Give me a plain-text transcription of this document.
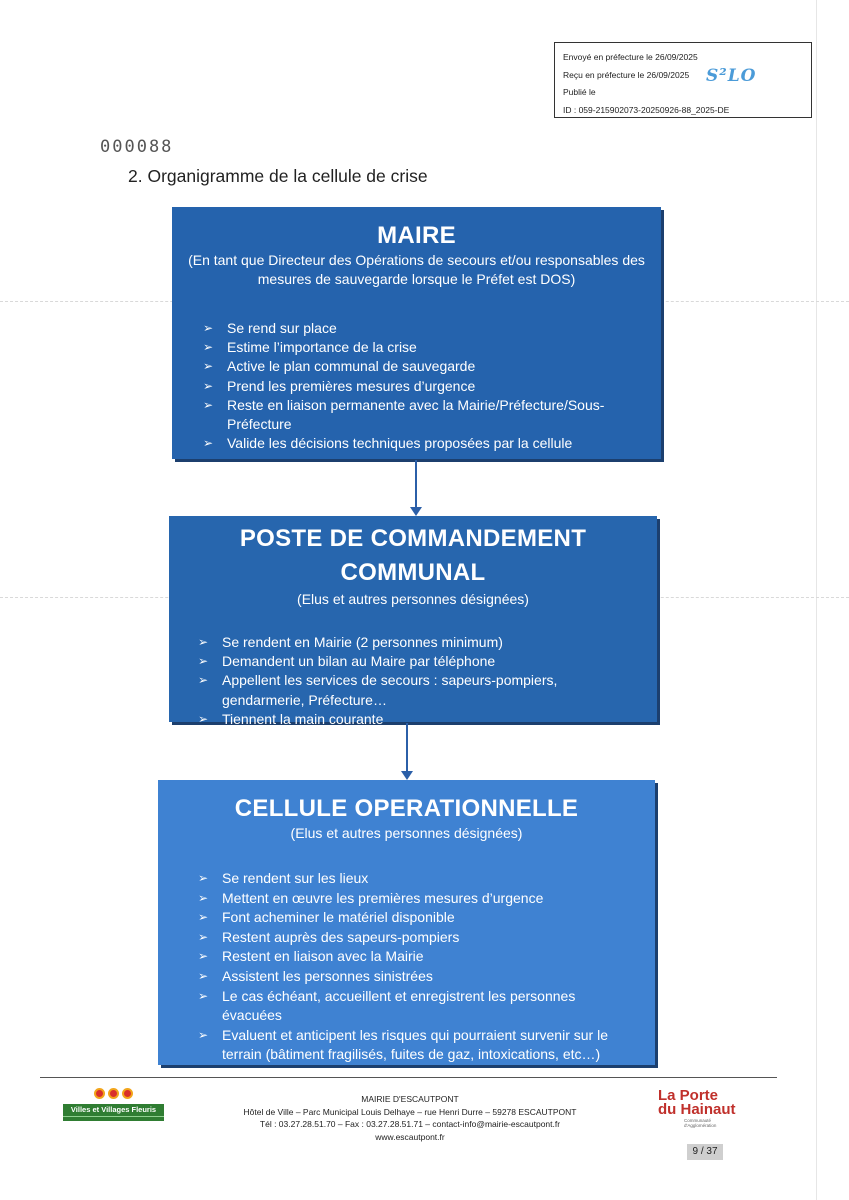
Envoyé en préfecture le 26/09/2025
Reçu en préfecture le 26/09/2025
Publié le
ID : 059-215902073-20250926-88_2025-DE
S²LO
000088
2. Organigramme de la cellule de crise
MAIRE
(En tant que Directeur des Opérations de secours et/ou responsables des mesures de sauvegarde lorsque le Préfet est DOS)
➢ Se rend sur place
➢ Estime l’importance de la crise
➢ Active le plan communal de sauvegarde
➢ Prend les premières mesures d’urgence
➢ Reste en liaison permanente avec la Mairie/Préfecture/Sous-Préfecture
➢ Valide les décisions techniques proposées par la cellule
POSTE DE COMMANDEMENT
COMMUNAL
(Elus et autres personnes désignées)
➢ Se rendent en Mairie (2 personnes minimum)
➢ Demandent un bilan au Maire par téléphone
➢ Appellent les services de secours : sapeurs-pompiers, gendarmerie, Préfecture…
➢ Tiennent la main courante
CELLULE OPERATIONNELLE
(Elus et autres personnes désignées)
➢ Se rendent sur les lieux
➢ Mettent en œuvre les premières mesures d’urgence
➢ Font acheminer le matériel disponible
➢ Restent auprès des sapeurs-pompiers
➢ Restent en liaison avec la Mairie
➢ Assistent les personnes sinistrées
➢ Le cas échéant, accueillent et enregistrent les personnes évacuées
➢ Evaluent et anticipent les risques qui pourraient survenir sur le terrain (bâtiment fragilisés, fuites de gaz, intoxications, etc…)
Villes et Villages Fleuris
MAIRIE D'ESCAUTPONT
Hôtel de Ville – Parc Municipal Louis Delhaye – rue Henri Durre – 59278 ESCAUTPONT
Tél : 03.27.28.51.70 – Fax : 03.27.28.51.71 – contact-info@mairie-escautpont.fr
www.escautpont.fr
La Porte
du Hainaut
Communauté d'Agglomération
9 / 37
